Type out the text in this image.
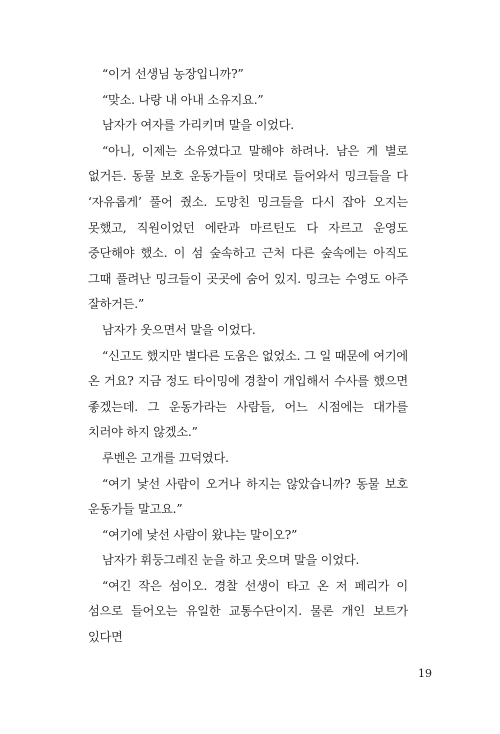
“이거 선생님 농장입니까?”

“맞소. 나랑 내 아내 소유지요.”

남자가 여자를 가리키며 말을 이었다.

“아니, 이제는 소유였다고 말해야 하려나. 남은 게 별로 없거든. 동물 보호 운동가들이 멋대로 들어와서 밍크들을 다 ‘자유롭게’ 풀어 줬소. 도망친 밍크들을 다시 잡아 오지는 못했고, 직원이었던 에란과 마르틴도 다 자르고 운영도 중단해야 했소. 이 섬 숲속하고 근처 다른 숲속에는 아직도 그때 풀려난 밍크들이 곳곳에 숨어 있지. 밍크는 수영도 아주 잘하거든.”

남자가 웃으면서 말을 이었다.

“신고도 했지만 별다른 도움은 없었소. 그 일 때문에 여기에 온 거요? 지금 정도 타이밍에 경찰이 개입해서 수사를 했으면 좋겠는데. 그 운동가라는 사람들, 어느 시점에는 대가를 치러야 하지 않겠소.”

루벤은 고개를 끄덕였다.

“여기 낯선 사람이 오거나 하지는 않았습니까? 동물 보호 운동가들 말고요.”

“여기에 낯선 사람이 왔냐는 말이오?”

남자가 휘둥그레진 눈을 하고 웃으며 말을 이었다.

“여긴 작은 섬이오. 경찰 선생이 타고 온 저 페리가 이 섬으로 들어오는 유일한 교통수단이지. 물론 개인 보트가 있다면

19
